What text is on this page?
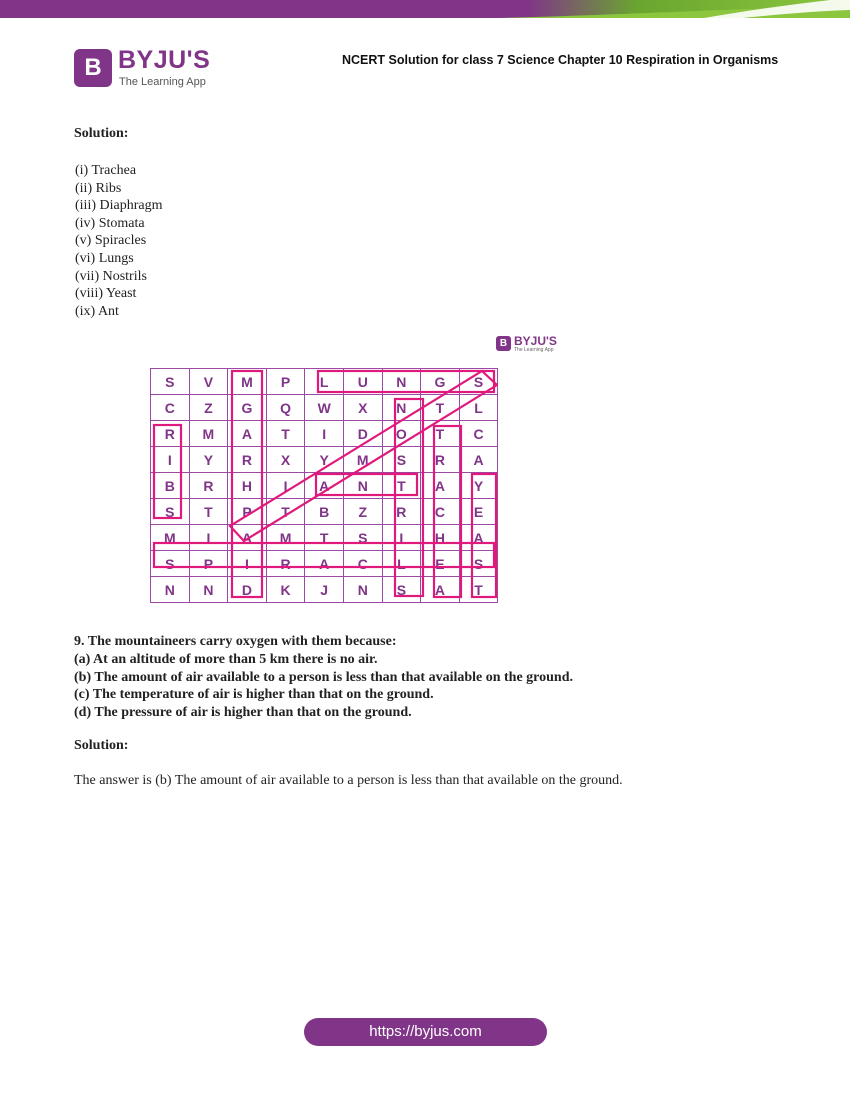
B BYJU'S
The Learning App
NCERT Solution for class 7 Science Chapter 10 Respiration in Organisms
Solution:
(i) Trachea
(ii) Ribs
(iii) Diaphragm
(iv) Stomata
(v) Spiracles
(vi) Lungs
(vii) Nostrils
(viii) Yeast
(ix) Ant
B BYJU'S
The Learning App
S	V	M	P	L	U	N	G	S
C	Z	G	Q	W	X	N	T	L
R	M	A	T	I	D	O	T	C
I	Y	R	X	Y	M	S	R	A
B	R	H	I	A	N	T	A	Y
S	T	P	T	B	Z	R	C	E
M	I	A	M	T	S	I	H	A
S	P	I	R	A	C	L	E	S
N	N	D	K	J	N	S	A	T

9. The mountaineers carry oxygen with them because:

(a) At an altitude of more than 5 km there is no air.

(b) The amount of air available to a person is less than that available on the ground.

(c) The temperature of air is higher than that on the ground.

(d) The pressure of air is higher than that on the ground.

Solution:
The answer is (b) The amount of air available to a person is less than that available on the ground.
https://byjus.com
